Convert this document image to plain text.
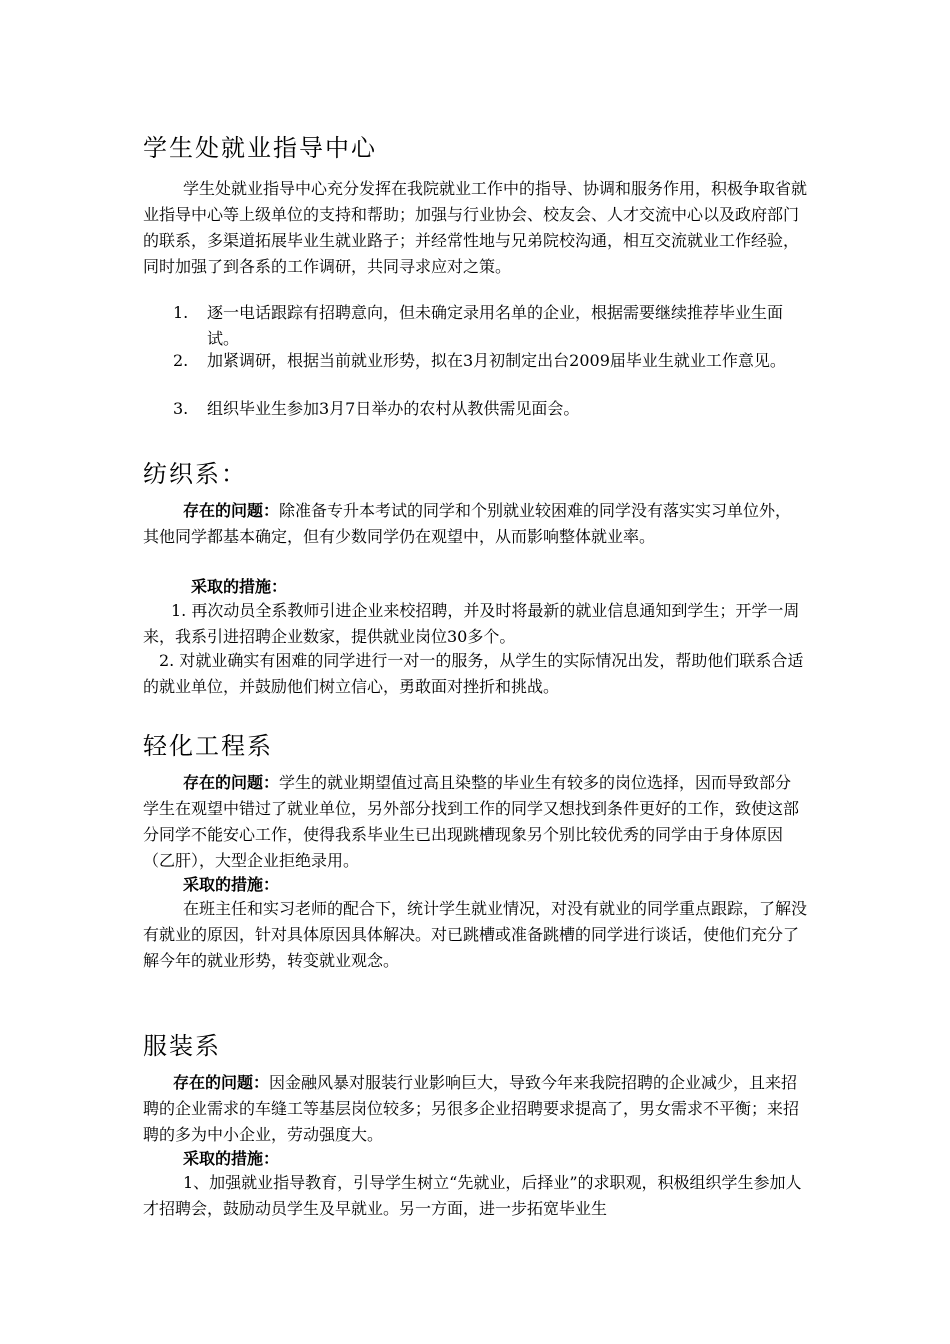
学生处就业指导中心
学生处就业指导中心充分发挥在我院就业工作中的指导、协调和服务作用，积极争取省就业指导中心等上级单位的支持和帮助；加强与行业协会、校友会、人才交流中心以及政府部门的联系，多渠道拓展毕业生就业路子；并经常性地与兄弟院校沟通，相互交流就业工作经验，同时加强了到各系的工作调研，共同寻求应对之策。
1. 逐一电话跟踪有招聘意向，但未确定录用名单的企业，根据需要继续推荐毕业生面试。
2. 加紧调研，根据当前就业形势，拟在3月初制定出台2009届毕业生就业工作意见。
3. 组织毕业生参加3月7日举办的农村从教供需见面会。
纺织系：
存在的问题：除准备专升本考试的同学和个别就业较困难的同学没有落实实习单位外，其他同学都基本确定，但有少数同学仍在观望中，从而影响整体就业率。
采取的措施：
1. 再次动员全系教师引进企业来校招聘，并及时将最新的就业信息通知到学生；开学一周来，我系引进招聘企业数家，提供就业岗位30多个。
2. 对就业确实有困难的同学进行一对一的服务，从学生的实际情况出发，帮助他们联系合适的就业单位，并鼓励他们树立信心，勇敢面对挫折和挑战。
轻化工程系
存在的问题：学生的就业期望值过高且染整的毕业生有较多的岗位选择，因而导致部分学生在观望中错过了就业单位，另外部分找到工作的同学又想找到条件更好的工作，致使这部分同学不能安心工作，使得我系毕业生已出现跳槽现象另个别比较优秀的同学由于身体原因（乙肝），大型企业拒绝录用。
采取的措施：
在班主任和实习老师的配合下，统计学生就业情况，对没有就业的同学重点跟踪，了解没有就业的原因，针对具体原因具体解决。对已跳槽或准备跳槽的同学进行谈话，使他们充分了解今年的就业形势，转变就业观念。
服装系
存在的问题：因金融风暴对服装行业影响巨大，导致今年来我院招聘的企业减少，且来招聘的企业需求的车缝工等基层岗位较多；另很多企业招聘要求提高了，男女需求不平衡；来招聘的多为中小企业，劳动强度大。
采取的措施：
1、加强就业指导教育，引导学生树立“先就业，后择业”的求职观，积极组织学生参加人才招聘会，鼓励动员学生及早就业。另一方面，进一步拓宽毕业生
